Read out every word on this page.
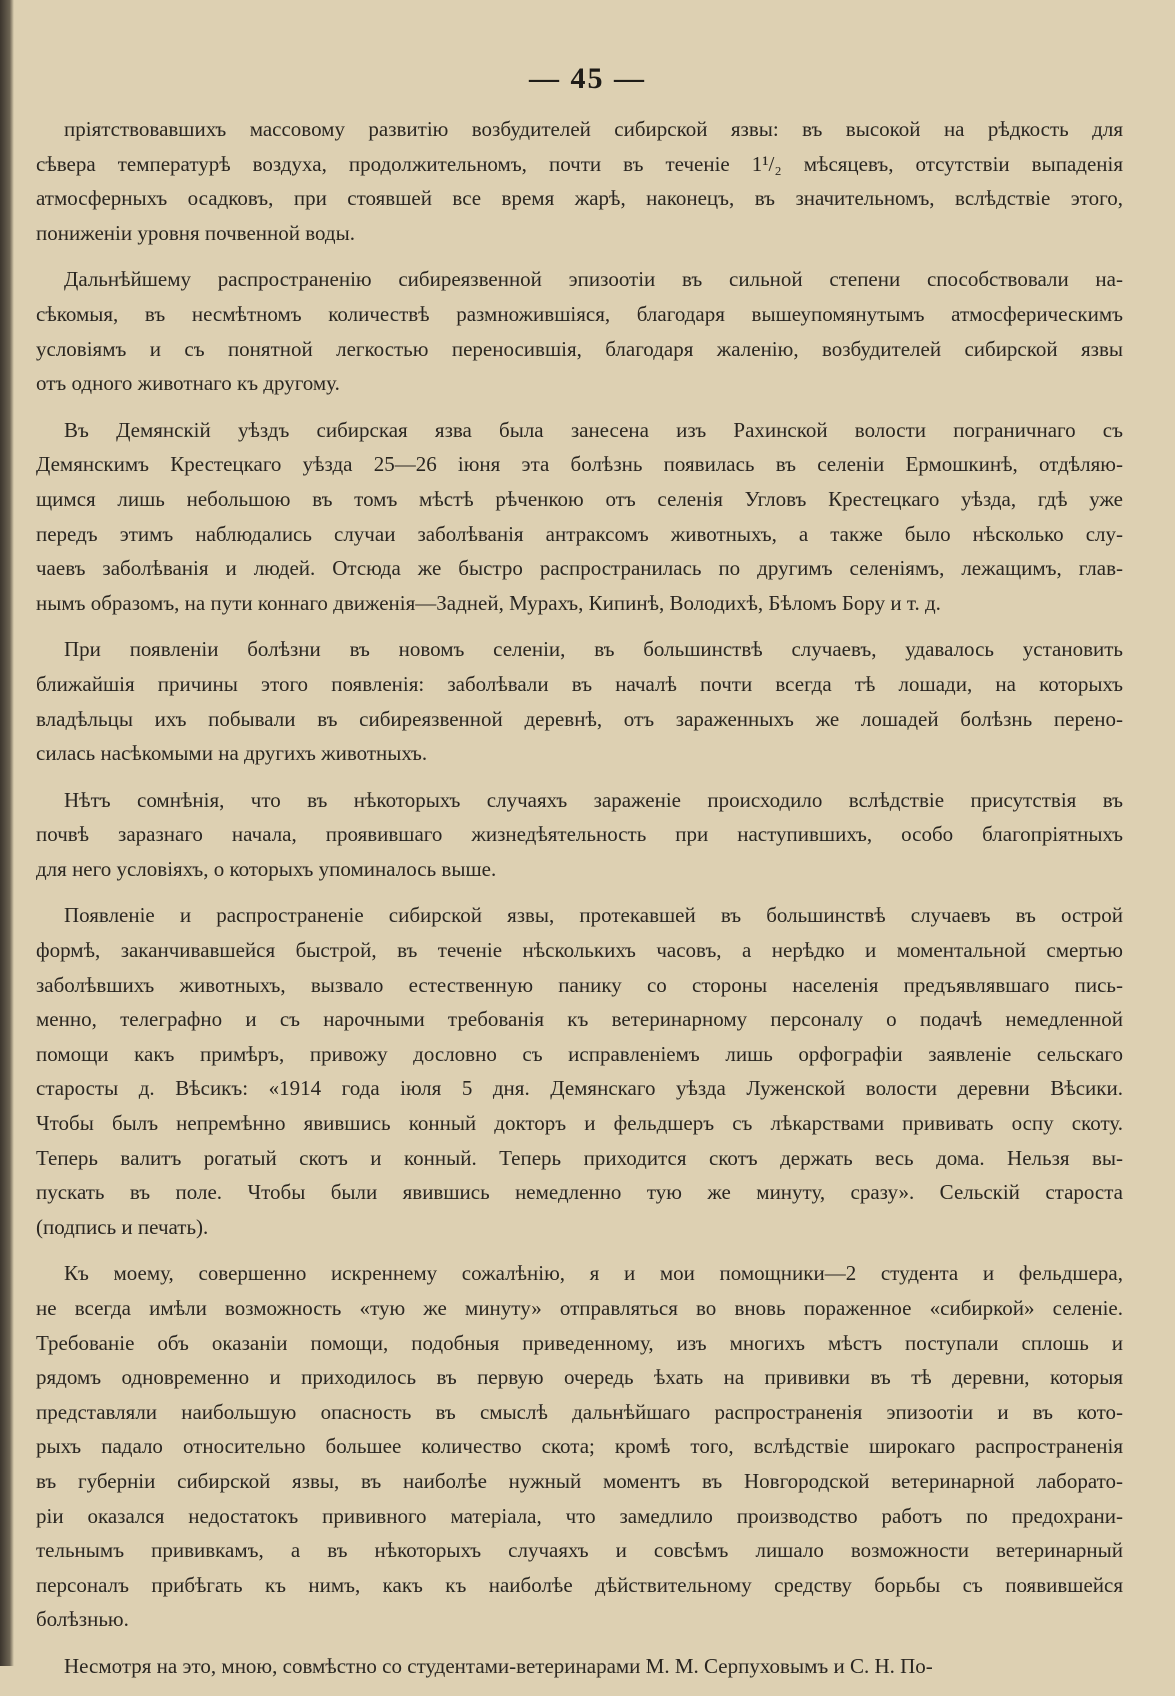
— 45 —
пріятствовавшихъ массовому развитію возбудителей сибирской язвы: въ высокой на рѣдкость для
сѣвера температурѣ воздуха, продолжительномъ, почти въ теченіе 1¹/₂ мѣсяцевъ, отсутствіи выпаденія
атмосферныхъ осадковъ, при стоявшей все время жарѣ, наконецъ, въ значительномъ, вслѣдствіе этого,
пониженіи уровня почвенной воды.
Дальнѣйшему распространенію сибиреязвенной эпизоотіи въ сильной степени способствовали на-
сѣкомыя, въ несмѣтномъ количествѣ размножившіяся, благодаря вышеупомянутымъ атмосферическимъ
условіямъ и съ понятной легкостью переносившія, благодаря жаленію, возбудителей сибирской язвы
отъ одного животнаго къ другому.
Въ Демянскій уѣздъ сибирская язва была занесена изъ Рахинской волости пограничнаго съ
Демянскимъ Крестецкаго уѣзда 25—26 іюня эта болѣзнь появилась въ селеніи Ермошкинѣ, отдѣляю-
щимся лишь небольшою въ томъ мѣстѣ рѣченкою отъ селенія Угловъ Крестецкаго уѣзда, гдѣ уже
передъ этимъ наблюдались случаи заболѣванія антраксомъ животныхъ, а также было нѣсколько слу-
чаевъ заболѣванія и людей. Отсюда же быстро распространилась по другимъ селеніямъ, лежащимъ, глав-
нымъ образомъ, на пути коннаго движенія—Задней, Мурахъ, Кипинѣ, Володихѣ, Бѣломъ Бору и т. д.
При появленіи болѣзни въ новомъ селеніи, въ большинствѣ случаевъ, удавалось установить
ближайшія причины этого появленія: заболѣвали въ началѣ почти всегда тѣ лошади, на которыхъ
владѣльцы ихъ побывали въ сибиреязвенной деревнѣ, отъ зараженныхъ же лошадей болѣзнь перено-
силась насѣкомыми на другихъ животныхъ.
Нѣтъ сомнѣнія, что въ нѣкоторыхъ случаяхъ зараженіе происходило вслѣдствіе присутствія въ
почвѣ заразнаго начала, проявившаго жизнедѣятельность при наступившихъ, особо благопріятныхъ
для него условіяхъ, о которыхъ упоминалось выше.
Появленіе и распространеніе сибирской язвы, протекавшей въ большинствѣ случаевъ въ острой
формѣ, заканчивавшейся быстрой, въ теченіе нѣсколькихъ часовъ, а нерѣдко и моментальной смертью
заболѣвшихъ животныхъ, вызвало естественную панику со стороны населенія предъявлявшаго пись-
менно, телеграфно и съ нарочными требованія къ ветеринарному персоналу о подачѣ немедленной
помощи какъ примѣръ, привожу дословно съ исправленіемъ лишь орфографіи заявленіе сельскаго
старосты д. Вѣсикъ: «1914 года іюля 5 дня. Демянскаго уѣзда Луженской волости деревни Вѣсики.
Чтобы былъ непремѣнно явившись конный докторъ и фельдшеръ съ лѣкарствами прививать оспу скоту.
Теперь валитъ рогатый скотъ и конный. Теперь приходится скотъ держать весь дома. Нельзя вы-
пускать въ поле. Чтобы были явившись немедленно тую же минуту, сразу». Сельскій староста
(подпись и печать).
Къ моему, совершенно искреннему сожалѣнію, я и мои помощники—2 студента и фельдшера,
не всегда имѣли возможность «тую же минуту» отправляться во вновь пораженное «сибиркой» селеніе.
Требованіе объ оказаніи помощи, подобныя приведенному, изъ многихъ мѣстъ поступали сплошь и
рядомъ одновременно и приходилось въ первую очередь ѣхать на прививки въ тѣ деревни, которыя
представляли наибольшую опасность въ смыслѣ дальнѣйшаго распространенія эпизоотіи и въ кото-
рыхъ падало относительно большее количество скота; кромѣ того, вслѣдствіе широкаго распространенія
въ губерніи сибирской язвы, въ наиболѣе нужный моментъ въ Новгородской ветеринарной лаборато-
ріи оказался недостатокъ прививного матеріала, что замедлило производство работъ по предохрани-
тельнымъ прививкамъ, а въ нѣкоторыхъ случаяхъ и совсѣмъ лишало возможности ветеринарный
персоналъ прибѣгать къ нимъ, какъ къ наиболѣе дѣйствительному средству борьбы съ появившейся
болѣзнью.
Несмотря на это, мною, совмѣстно со студентами-ветеринарами М. М. Серпуховымъ и С. Н. По-
